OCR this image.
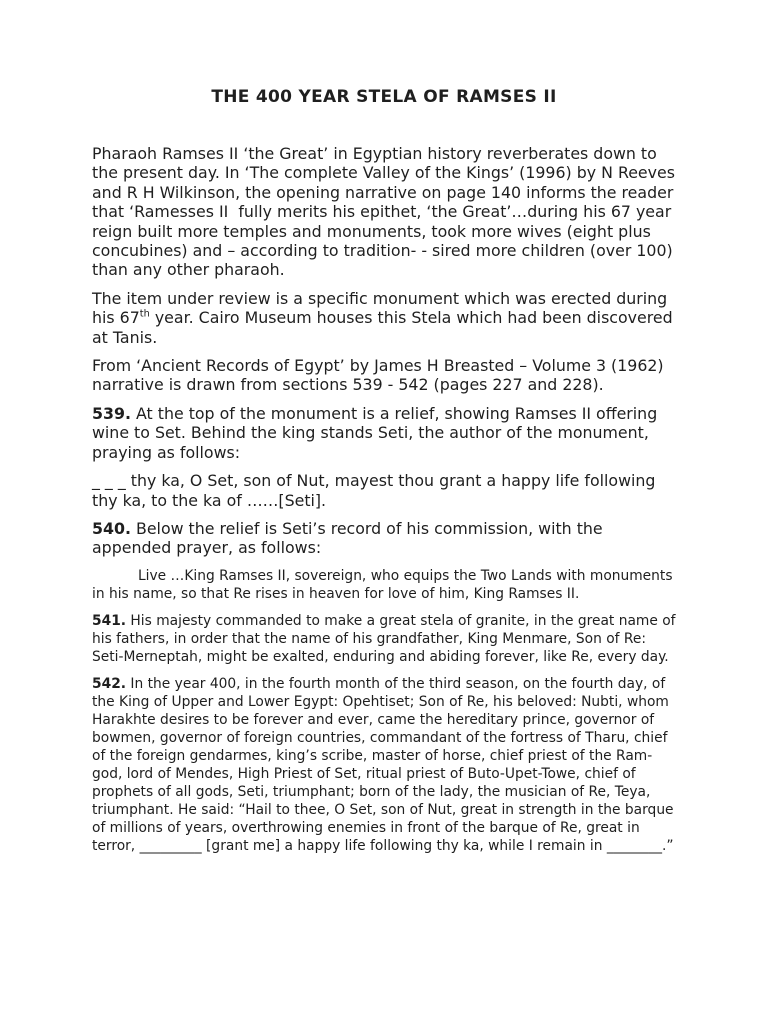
THE 400 YEAR STELA OF RAMSES II

Pharaoh Ramses II ‘the Great’ in Egyptian history reverberates down to the present day. In ‘The complete Valley of the Kings’ (1996) by N Reeves and R H Wilkinson, the opening narrative on page 140 informs the reader that ‘Ramesses II  fully merits his epithet, ‘the Great’…during his 67 year reign built more temples and monuments, took more wives (eight plus concubines) and – according to tradition- - sired more children (over 100) than any other pharaoh.

The item under review is a specific monument which was erected during his 67th year. Cairo Museum houses this Stela which had been discovered at Tanis.

From ‘Ancient Records of Egypt’ by James H Breasted – Volume 3 (1962) narrative is drawn from sections 539 - 542 (pages 227 and 228).

539. At the top of the monument is a relief, showing Ramses II offering wine to Set. Behind the king stands Seti, the author of the monument, praying as follows:

_ _ _ thy ka, O Set, son of Nut, mayest thou grant a happy life following thy ka, to the ka of ……[Seti].

540. Below the relief is Seti’s record of his commission, with the appended prayer, as follows:

Live …King Ramses II, sovereign, who equips the Two Lands with monuments in his name, so that Re rises in heaven for love of him, King Ramses II.

541. His majesty commanded to make a great stela of granite, in the great name of his fathers, in order that the name of his grandfather, King Menmare, Son of Re: Seti-Merneptah, might be exalted, enduring and abiding forever, like Re, every day.

542. In the year 400, in the fourth month of the third season, on the fourth day, of the King of Upper and Lower Egypt: Opehtiset; Son of Re, his beloved: Nubti, whom Harakhte desires to be forever and ever, came the hereditary prince, governor of bowmen, governor of foreign countries, commandant of the fortress of Tharu, chief of the foreign gendarmes, king’s scribe, master of horse, chief priest of the Ram-god, lord of Mendes, High Priest of Set, ritual priest of Buto-Upet-Towe, chief of prophets of all gods, Seti, triumphant; born of the lady, the musician of Re, Teya, triumphant. He said: “Hail to thee, O Set, son of Nut, great in strength in the barque of millions of years, overthrowing enemies in front of the barque of Re, great in terror, _________ [grant me] a happy life following thy ka, while I remain in ________.”
